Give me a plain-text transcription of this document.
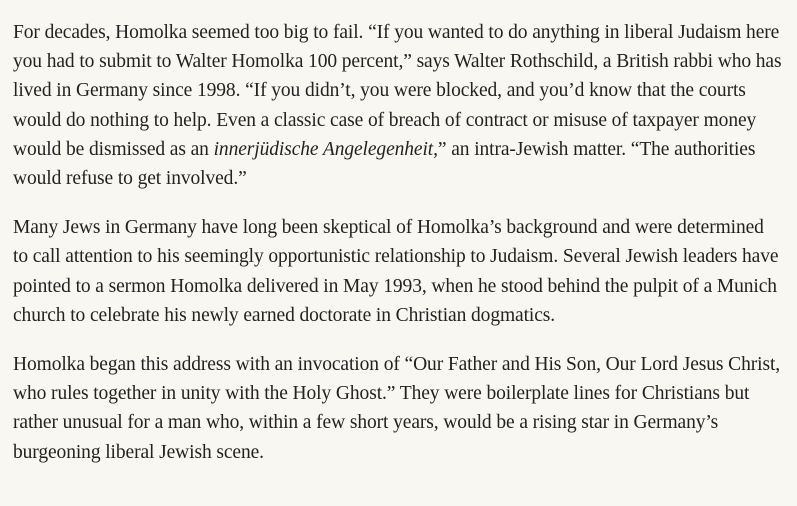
For decades, Homolka seemed too big to fail. “If you wanted to do anything in liberal Judaism here you had to submit to Walter Homolka 100 percent,” says Walter Rothschild, a British rabbi who has lived in Germany since 1998. “If you didn’t, you were blocked, and you’d know that the courts would do nothing to help. Even a classic case of breach of contract or misuse of taxpayer money would be dismissed as an innerjüdische Angelegenheit,” an intra-Jewish matter. “The authorities would refuse to get involved.”

Many Jews in Germany have long been skeptical of Homolka’s background and were determined to call attention to his seemingly opportunistic relationship to Judaism. Several Jewish leaders have pointed to a sermon Homolka delivered in May 1993, when he stood behind the pulpit of a Munich church to celebrate his newly earned doctorate in Christian dogmatics.

Homolka began this address with an invocation of “Our Father and His Son, Our Lord Jesus Christ, who rules together in unity with the Holy Ghost.” They were boilerplate lines for Christians but rather unusual for a man who, within a few short years, would be a rising star in Germany’s burgeoning liberal Jewish scene.
